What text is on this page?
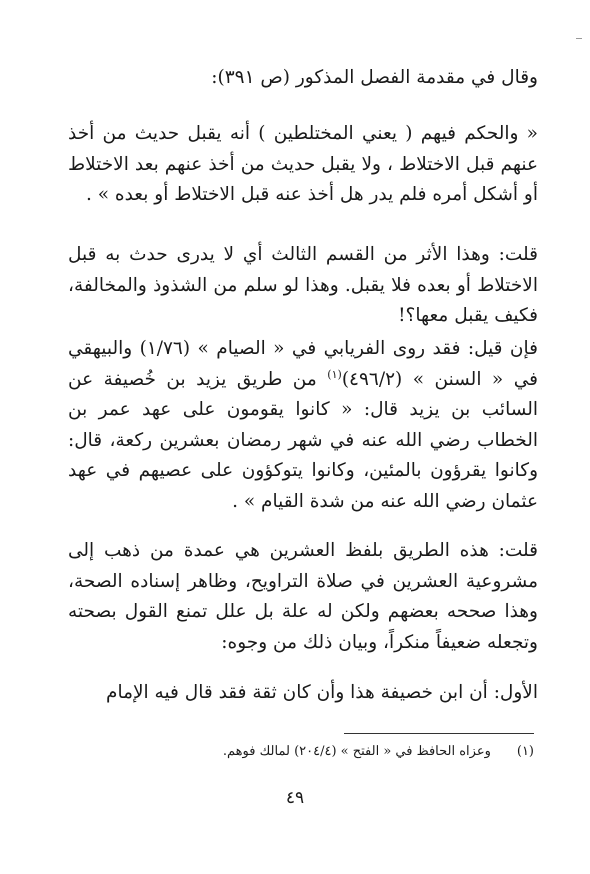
وقال في مقدمة الفصل المذكور (ص ٣٩١):

« والحكم فيهم ( يعني المختلطين ) أنه يقبل حديث من أخذ عنهم قبل الاختلاط ، ولا يقبل حديث من أخذ عنهم بعد الاختلاط أو أشكل أمره فلم يدر هل أخذ عنه قبل الاختلاط أو بعده » .

قلت: وهذا الأثر من القسم الثالث أي لا يدرى حدث به قبل الاختلاط أو بعده فلا يقبل. وهذا لو سلم من الشذوذ والمخالفة، فكيف يقبل معها؟!

فإن قيل: فقد روى الفريابي في « الصيام » (١/٧٦) والبيهقي في « السنن » (٤٩٦/٢)$^{(١)}$ من طريق يزيد بن خُصيفة عن السائب بن يزيد قال: « كانوا يقومون على عهد عمر بن الخطاب رضي الله عنه في شهر رمضان بعشرين ركعة، قال: وكانوا يقرؤون بالمئين، وكانوا يتوكؤون على عصيهم في عهد عثمان رضي الله عنه من شدة القيام » .

قلت: هذه الطريق بلفظ العشرين هي عمدة من ذهب إلى مشروعية العشرين في صلاة التراويح، وظاهر إسناده الصحة، وهذا صححه بعضهم ولكن له علة بل علل تمنع القول بصحته وتجعله ضعيفاً منكراً، وبيان ذلك من وجوه:

الأول: أن ابن خصيفة هذا وأن كان ثقة فقد قال فيه الإمام

(١)وعزاه الحافظ في « الفتح » (٢٠٤/٤) لمالك فوهم.
٤٩
